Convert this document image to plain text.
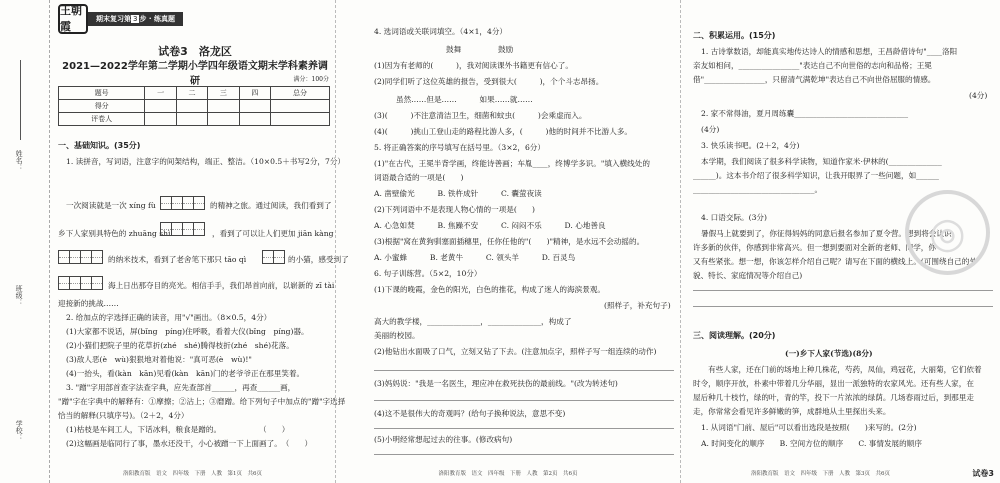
姓名：
班级：
学校：
王朝霞
期末复习第 3 步 · 练真题
试卷3　洛龙区
2021—2022学年第二学期小学四年级语文期末学科素养调研	满分：100分
题号	一	二	三	四	总分
得分					
评卷人					
一、基础知识。(35分)
1. 读拼音，写词语，注意字的间架结构，端正、整洁。（10×0.5＋书写2分，7分）
一次阅读就是一次 xíng fù	的精神之旅。通过阅读，我们看到了
乡下人家别具特色的 zhuāng shì	，看到了可以让人们更加 jiān kàng
的纳米技术，看到了老舍笔下那只 tāo qì	的小猫，感受到了
海上日出那夺目的亮光。相信手手，我们昂首向前，以崭新的 zī tài
迎接新的挑战……
2. 给加点的字选择正确的读音，用"√"画出。（8×0.5，4分）
(1)大家都不说话，屏(bǐng　píng)住呼吸，看着大仪(bǐng　píng)器。
(2)小猫们把院子里的花草折(zhé　shé)腾得枝折(zhé　shé)花落。
(3)敌人恶(è　wù)狠狠地对着他说："真可恶(è　wù)!"
(4)一抬头，看(kàn　kān)见看(kàn　kān)门的老爷爷正在那里笑着。
3. "蹭"字用部首查字法查字典，应先查部首______，再查______画，
"蹭"字在字典中的解释有：①摩擦；②沾上；③磨蹭。给下列句子中加点的"蹭"字选择
恰当的解释(只填序号)。（2＋2，4分）
(1)枯枝是车间工人，下话冰料，粮食是蹭的。　　　　　　（　　）
(2)这幅画是临同行了事，墨水还没干，小心被蹭一下上面画了。　（　　）
洛阳教育版　语文　四年级　下册　人教　第1页　共6页
4. 选词语或关联词填空。（4×1，4分）
鼓舞	鼓励
(1)因为有老师的(　　　)，我对阅读课外书籍更有信心了。
(2)同学们听了这位英雄的报告，受到很大(　　　)，个个斗志昂扬。
虽然……但是……　　　如果……就……
(3)(　　　)不注意清洁卫生，细菌和蚊虫(　　　)会乘虚而入。
(4)(　　　)挑山工登山走的路程比游人多，(　　　)他的时间并不比游人多。
5. 将正确答案的序号填写在括号里。（3×2，6分）
(1)"在古代，王冕半背学画，终能诗善画；车胤____，终博学多识。"填入横线处的
词语最合适的一项是(　　)
A. 凿壁偷光　　　B. 铁杵成针　　　C. 囊萤夜读
(2)下列词语中不是表现人物心情的一项是(　　)
A. 心急如焚　　　B. 焦躁不安　　　C. 闷闷不乐　　　D. 心地善良
(3)根据"窝在黄狗驯塞面插穗里，任你任他的"(　　)"精神，是水远不会动摇的。
A. 小蜜蜂　　　B. 老黄牛　　　C. 领头羊　　　D. 百灵鸟
6. 句子训练营。（5×2，10分）
(1)下课的晚霞，金色的阳光，白色的推花，构成了迷人的海滨景观。
(照样子，补充句子)
高大的教学楼，______________，______________，构成了
美丽的校园。
(2)他钻出水面吸了口气，立刻又钻了下去。(注意加点字，照样子写一组连续的动作)
(3)妈妈说："我是一名医生，理应冲在救死扶伤的最前线。"(改为转述句)
(4)这不是很伟大的奇观吗？(给句子换种说法，意思不变)
(5)小明经常想起过去的往事。(修改病句)
洛阳教育版　语文　四年级　下册　人教　第2页　共6页
二、积累运用。(15分)
1. 古诗掌数语，却能真实地传达诗人的情感和思想，王昌龄借诗句"____洛阳
亲友如相问，________________"表达自己不向世俗的志向和品格；王冕
借"________________，只留清气满乾坤"表达自己不向世俗屈服的情感。
(4分)
2. 家不常得油，夏月周练囊______________________________
(4分)
3. 快乐读书吧。(2＋2，4分)
本学期，我们阅读了很多科学读物，知道作家米·伊林的(______________
______)。这本书介绍了很多科学知识，让我开眼界了一些问题，如______
________________________________。
4. 口语交际。(3分)
暑假马上就要到了，你征得妈妈的同意后报名参加了夏令营。想到将会认识
许多新的伙伴，你感到非常高兴。但一想到要面对全新的老师、同学，你
又有些紧张。想一想，你该怎样介绍自己呢？请写在下面的横线上。(可围绕自己的外
貌、特长、家庭情况等介绍自己)
三、阅读理解。(20分)
(一)乡下人家(节选)(8分)
　　有些人家，还在门前的场地上种几株花，芍药，凤仙，鸡冠花，大丽菊，它们依着
时令，顺序开放，朴素中带着几分华丽，显出一派独特的农家风光。还有些人家，在
屋后种几十枝竹，绿的叶，青的竿，投下一片浓浓的绿荫。几场春雨过后，到那里走
走，你常常会看见许多鲜嫩的笋，成群地从土里探出头来。
1. 从词语"门前、屋后"可以看出选段是按照(　　)来写的。(2分)
A. 时间变化的顺序　　B. 空间方位的顺序　　C. 事情发展的顺序
洛阳教育版　语文　四年级　下册　人教　第3页　共6页	试卷3
◎
